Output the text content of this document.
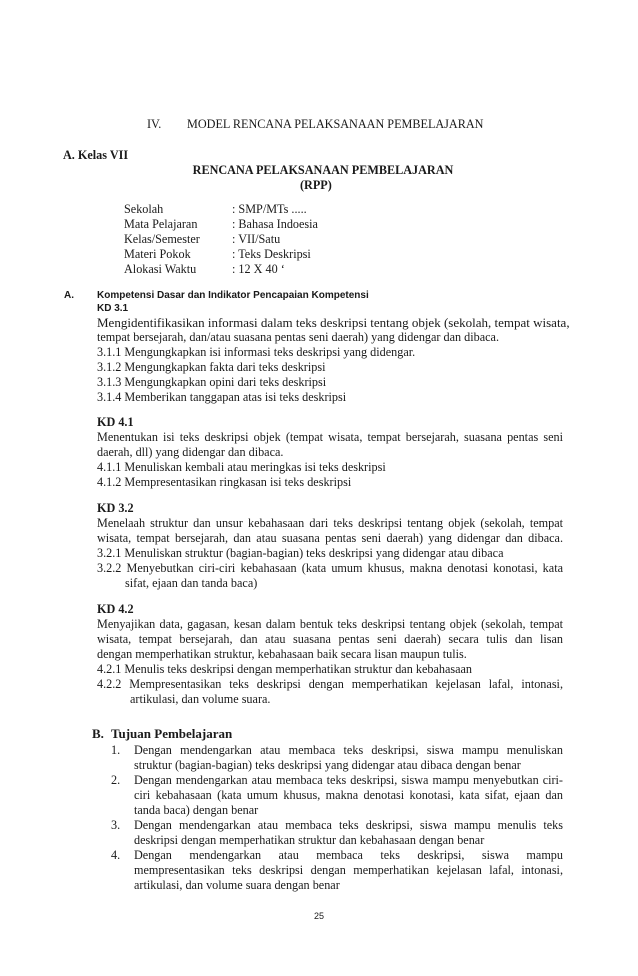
IV. MODEL RENCANA PELAKSANAAN PEMBELAJARAN
A. Kelas VII
RENCANA PELAKSANAAN PEMBELAJARAN
(RPP)
Sekolah	: SMP/MTs .....
Mata Pelajaran	: Bahasa Indoesia
Kelas/Semester	: VII/Satu
Materi Pokok	: Teks Deskripsi
Alokasi Waktu	: 12 X 40 ‘
A. Kompetensi Dasar dan Indikator Pencapaian Kompetensi
KD 3.1
Mengidentifikasikan informasi dalam teks deskripsi tentang objek (sekolah, tempat wisata,
tempat bersejarah, dan/atau suasana pentas seni daerah) yang didengar dan dibaca.
3.1.1 Mengungkapkan isi informasi teks deskripsi yang didengar.
3.1.2 Mengungkapkan fakta dari teks deskripsi
3.1.3 Mengungkapkan opini dari teks deskripsi
3.1.4 Memberikan tanggapan atas isi teks deskripsi
KD 4.1
Menentukan isi teks deskripsi objek (tempat wisata, tempat bersejarah, suasana pentas seni
daerah, dll) yang didengar dan dibaca.
4.1.1 Menuliskan kembali atau meringkas isi teks deskripsi
4.1.2 Mempresentasikan ringkasan isi teks deskripsi
KD 3.2
Menelaah struktur dan unsur kebahasaan dari teks deskripsi tentang objek (sekolah, tempat
wisata, tempat bersejarah, dan atau suasana pentas seni daerah) yang didengar dan dibaca.
3.2.1 Menuliskan struktur (bagian-bagian) teks deskripsi yang didengar atau dibaca
3.2.2 Menyebutkan ciri-ciri kebahasaan (kata umum khusus, makna denotasi konotasi, kata
sifat, ejaan dan tanda baca)
KD 4.2
Menyajikan data, gagasan, kesan dalam bentuk teks deskripsi tentang objek (sekolah, tempat
wisata, tempat bersejarah, dan atau suasana pentas seni daerah) secara tulis dan lisan
dengan memperhatikan struktur, kebahasaan baik secara lisan maupun tulis.
4.2.1 Menulis teks deskripsi dengan memperhatikan struktur dan kebahasaan
4.2.2 Mempresentasikan teks deskripsi dengan memperhatikan kejelasan lafal, intonasi,
artikulasi, dan volume suara.
B. Tujuan Pembelajaran
1. Dengan mendengarkan atau membaca teks deskripsi, siswa mampu menuliskan
struktur (bagian-bagian) teks deskripsi yang didengar atau dibaca dengan benar
2. Dengan mendengarkan atau membaca teks deskripsi, siswa mampu menyebutkan ciri-
ciri kebahasaan (kata umum khusus, makna denotasi konotasi, kata sifat, ejaan dan
tanda baca) dengan benar
3. Dengan mendengarkan atau membaca teks deskripsi, siswa mampu menulis teks
deskripsi dengan memperhatikan struktur dan kebahasaan dengan benar
4. Dengan mendengarkan atau membaca teks deskripsi, siswa mampu
mempresentasikan teks deskripsi dengan memperhatikan kejelasan lafal, intonasi,
artikulasi, dan volume suara dengan benar
25
